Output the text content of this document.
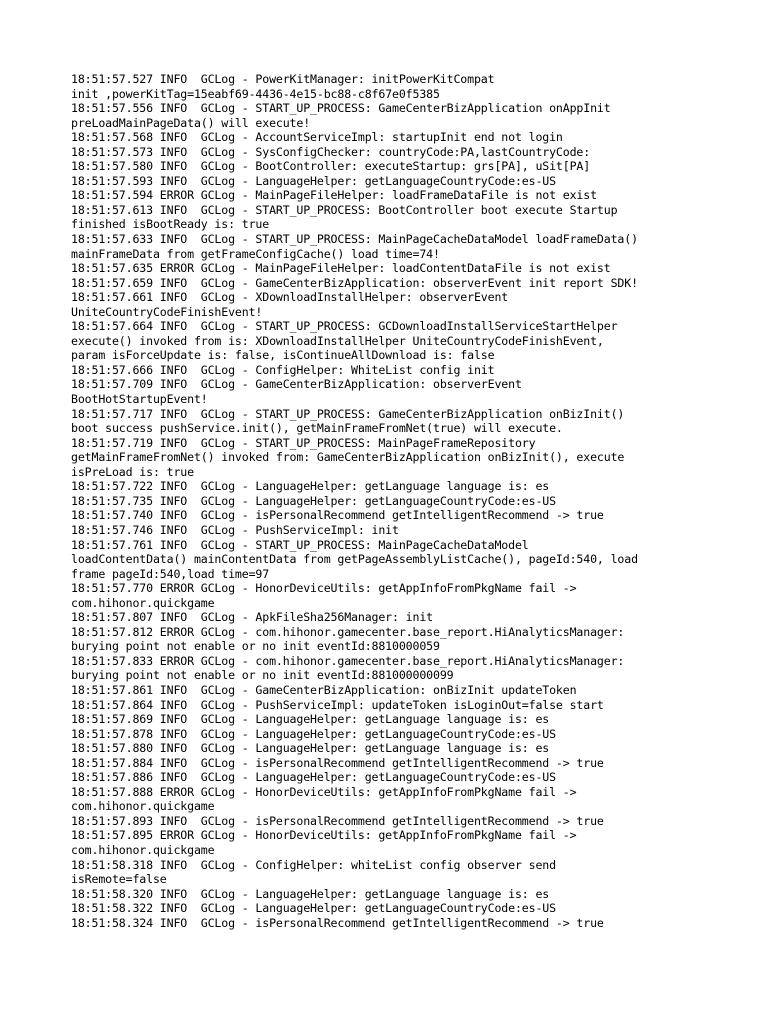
18:51:57.527 INFO  GCLog - PowerKitManager: initPowerKitCompat
init ,powerKitTag=15eabf69-4436-4e15-bc88-c8f67e0f5385
18:51:57.556 INFO  GCLog - START_UP_PROCESS: GameCenterBizApplication onAppInit
preLoadMainPageData() will execute!
18:51:57.568 INFO  GCLog - AccountServiceImpl: startupInit end not login
18:51:57.573 INFO  GCLog - SysConfigChecker: countryCode:PA,lastCountryCode:
18:51:57.580 INFO  GCLog - BootController: executeStartup: grs[PA], uSit[PA]
18:51:57.593 INFO  GCLog - LanguageHelper: getLanguageCountryCode:es-US
18:51:57.594 ERROR GCLog - MainPageFileHelper: loadFrameDataFile is not exist
18:51:57.613 INFO  GCLog - START_UP_PROCESS: BootController boot execute Startup
finished isBootReady is: true
18:51:57.633 INFO  GCLog - START_UP_PROCESS: MainPageCacheDataModel loadFrameData()
mainFrameData from getFrameConfigCache() load time=74!
18:51:57.635 ERROR GCLog - MainPageFileHelper: loadContentDataFile is not exist
18:51:57.659 INFO  GCLog - GameCenterBizApplication: observerEvent init report SDK!
18:51:57.661 INFO  GCLog - XDownloadInstallHelper: observerEvent
UniteCountryCodeFinishEvent!
18:51:57.664 INFO  GCLog - START_UP_PROCESS: GCDownloadInstallServiceStartHelper
execute() invoked from is: XDownloadInstallHelper UniteCountryCodeFinishEvent,
param isForceUpdate is: false, isContinueAllDownload is: false
18:51:57.666 INFO  GCLog - ConfigHelper: WhiteList config init
18:51:57.709 INFO  GCLog - GameCenterBizApplication: observerEvent
BootHotStartupEvent!
18:51:57.717 INFO  GCLog - START_UP_PROCESS: GameCenterBizApplication onBizInit()
boot success pushService.init(), getMainFrameFromNet(true) will execute.
18:51:57.719 INFO  GCLog - START_UP_PROCESS: MainPageFrameRepository
getMainFrameFromNet() invoked from: GameCenterBizApplication onBizInit(), execute
isPreLoad is: true
18:51:57.722 INFO  GCLog - LanguageHelper: getLanguage language is: es
18:51:57.735 INFO  GCLog - LanguageHelper: getLanguageCountryCode:es-US
18:51:57.740 INFO  GCLog - isPersonalRecommend getIntelligentRecommend -> true
18:51:57.746 INFO  GCLog - PushServiceImpl: init
18:51:57.761 INFO  GCLog - START_UP_PROCESS: MainPageCacheDataModel
loadContentData() mainContentData from getPageAssemblyListCache(), pageId:540, load
frame pageId:540,load time=97
18:51:57.770 ERROR GCLog - HonorDeviceUtils: getAppInfoFromPkgName fail ->
com.hihonor.quickgame
18:51:57.807 INFO  GCLog - ApkFileSha256Manager: init
18:51:57.812 ERROR GCLog - com.hihonor.gamecenter.base_report.HiAnalyticsManager:
burying point not enable or no init eventId:8810000059
18:51:57.833 ERROR GCLog - com.hihonor.gamecenter.base_report.HiAnalyticsManager:
burying point not enable or no init eventId:881000000099
18:51:57.861 INFO  GCLog - GameCenterBizApplication: onBizInit updateToken
18:51:57.864 INFO  GCLog - PushServiceImpl: updateToken isLoginOut=false start
18:51:57.869 INFO  GCLog - LanguageHelper: getLanguage language is: es
18:51:57.878 INFO  GCLog - LanguageHelper: getLanguageCountryCode:es-US
18:51:57.880 INFO  GCLog - LanguageHelper: getLanguage language is: es
18:51:57.884 INFO  GCLog - isPersonalRecommend getIntelligentRecommend -> true
18:51:57.886 INFO  GCLog - LanguageHelper: getLanguageCountryCode:es-US
18:51:57.888 ERROR GCLog - HonorDeviceUtils: getAppInfoFromPkgName fail ->
com.hihonor.quickgame
18:51:57.893 INFO  GCLog - isPersonalRecommend getIntelligentRecommend -> true
18:51:57.895 ERROR GCLog - HonorDeviceUtils: getAppInfoFromPkgName fail ->
com.hihonor.quickgame
18:51:58.318 INFO  GCLog - ConfigHelper: whiteList config observer send
isRemote=false
18:51:58.320 INFO  GCLog - LanguageHelper: getLanguage language is: es
18:51:58.322 INFO  GCLog - LanguageHelper: getLanguageCountryCode:es-US
18:51:58.324 INFO  GCLog - isPersonalRecommend getIntelligentRecommend -> true
